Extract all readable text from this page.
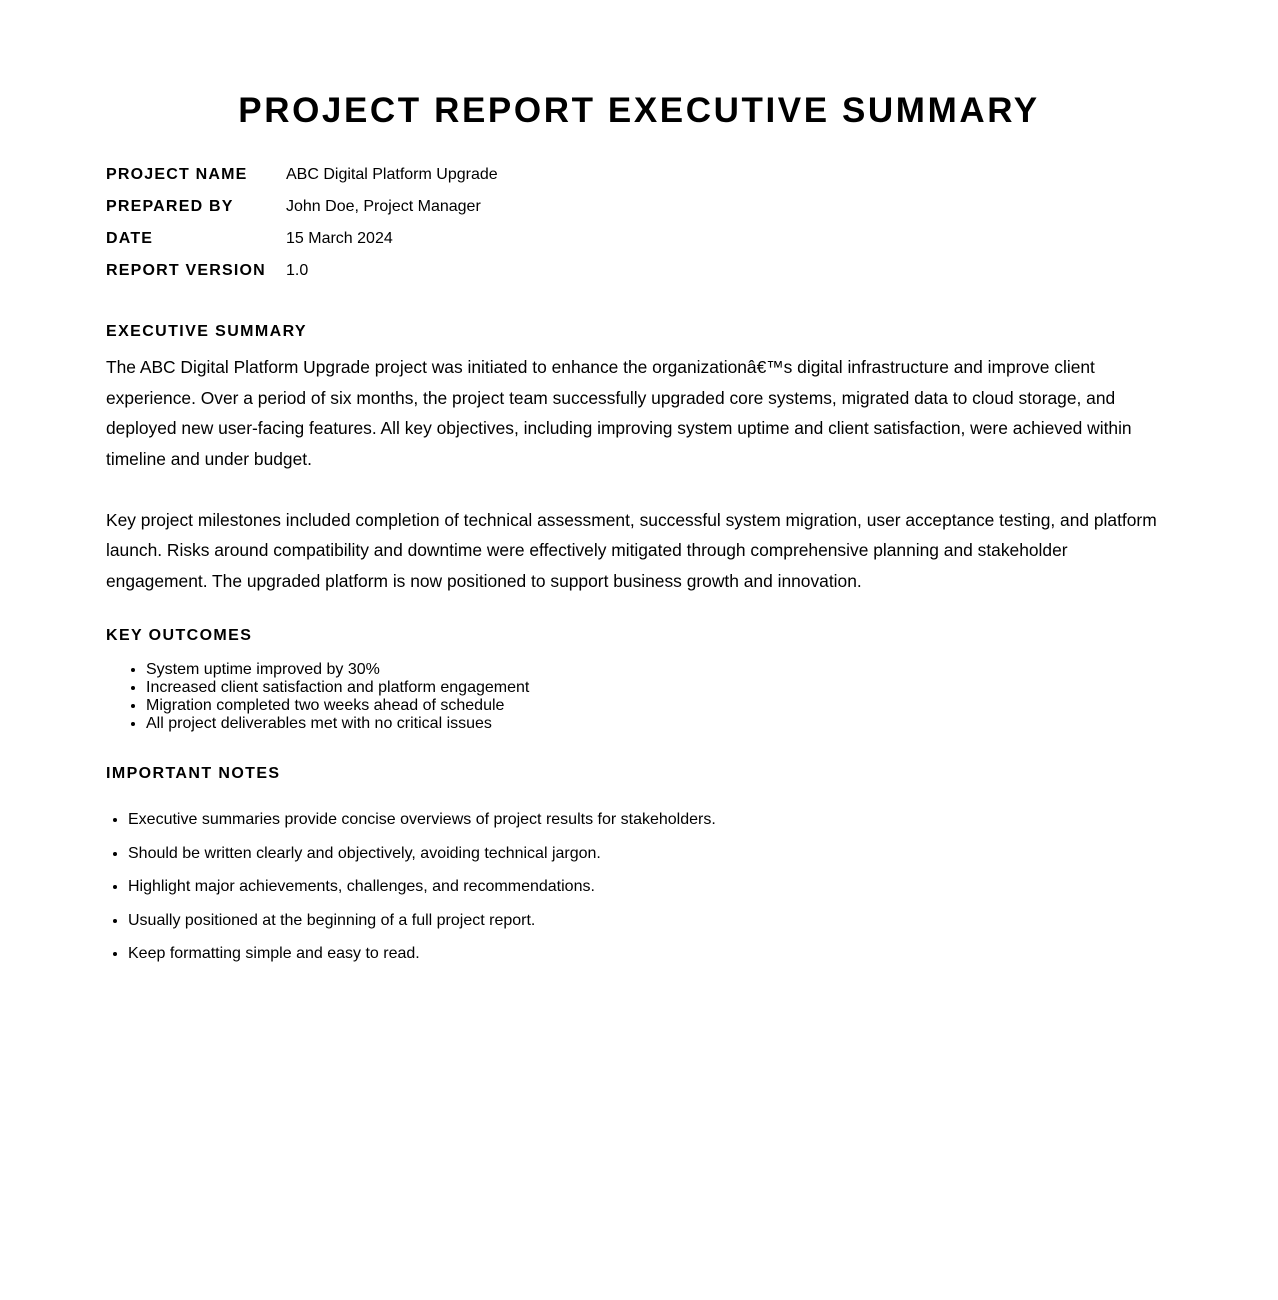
PROJECT REPORT EXECUTIVE SUMMARY
PROJECT NAME	ABC Digital Platform Upgrade
PREPARED BY	John Doe, Project Manager
DATE	15 March 2024
REPORT VERSION	1.0
EXECUTIVE SUMMARY

The ABC Digital Platform Upgrade project was initiated to enhance the organizationâ€™s digital infrastructure and improve client experience. Over a period of six months, the project team successfully upgraded core systems, migrated data to cloud storage, and deployed new user-facing features. All key objectives, including improving system uptime and client satisfaction, were achieved within timeline and under budget.

Key project milestones included completion of technical assessment, successful system migration, user acceptance testing, and platform launch. Risks around compatibility and downtime were effectively mitigated through comprehensive planning and stakeholder engagement. The upgraded platform is now positioned to support business growth and innovation.

KEY OUTCOMES
• System uptime improved by 30%
• Increased client satisfaction and platform engagement
• Migration completed two weeks ahead of schedule
• All project deliverables met with no critical issues
IMPORTANT NOTES
• Executive summaries provide concise overviews of project results for stakeholders.
• Should be written clearly and objectively, avoiding technical jargon.
• Highlight major achievements, challenges, and recommendations.
• Usually positioned at the beginning of a full project report.
• Keep formatting simple and easy to read.
